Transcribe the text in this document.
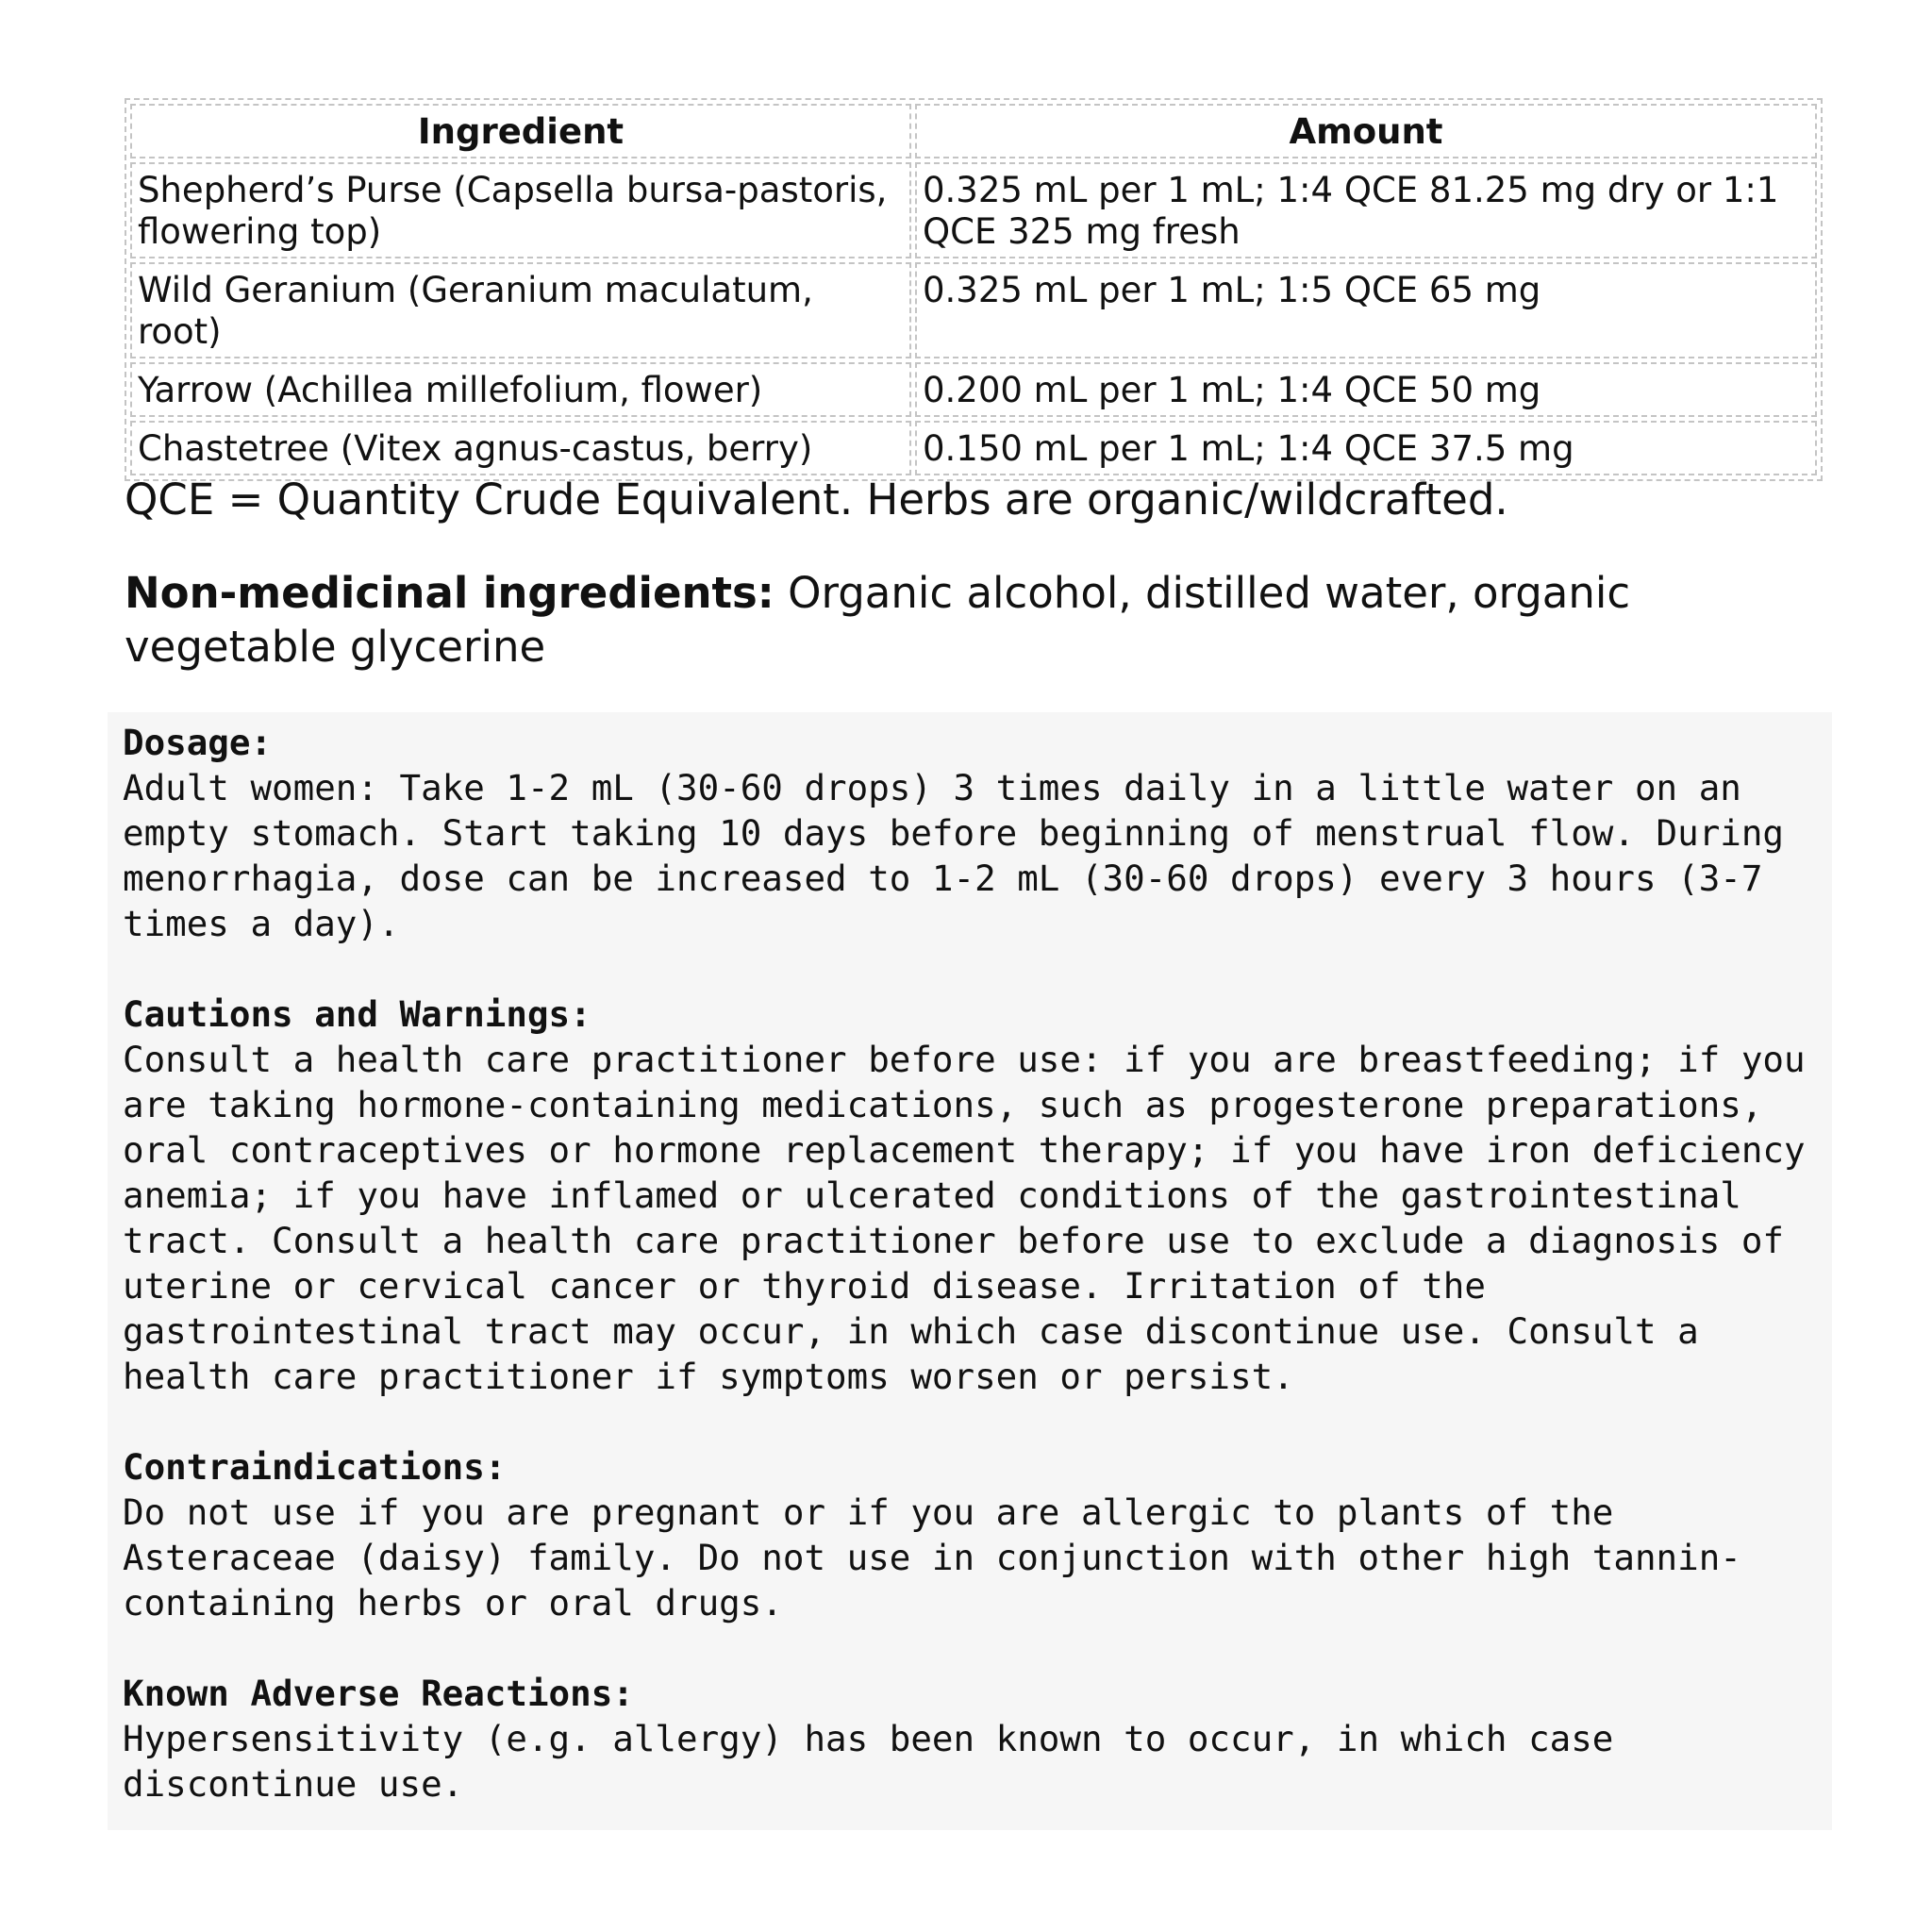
Ingredient	Amount
Shepherd’s Purse (Capsella bursa-pastoris, flowering top)	0.325 mL per 1 mL; 1:4 QCE 81.25 mg dry or 1:1 QCE 325 mg fresh
Wild Geranium (Geranium maculatum, root)	0.325 mL per 1 mL; 1:5 QCE 65 mg
Yarrow (Achillea millefolium, flower)	0.200 mL per 1 mL; 1:4 QCE 50 mg
Chastetree (Vitex agnus-castus, berry)	0.150 mL per 1 mL; 1:4 QCE 37.5 mg

QCE = Quantity Crude Equivalent. Herbs are organic/wildcrafted.

Non-medicinal ingredients: Organic alcohol, distilled water, organic vegetable glycerine

Dosage:
Adult women: Take 1-2 mL (30-60 drops) 3 times daily in a little water on an empty stomach. Start taking 10 days before beginning of menstrual flow. During menorrhagia, dose can be increased to 1-2 mL (30-60 drops) every 3 hours (3-7 times a day).
Cautions and Warnings:
Consult a health care practitioner before use: if you are breastfeeding; if you are taking hormone-containing medications, such as progesterone preparations, oral contraceptives or hormone replacement therapy; if you have iron deficiency anemia; if you have inflamed or ulcerated conditions of the gastrointestinal tract. Consult a health care practitioner before use to exclude a diagnosis of uterine or cervical cancer or thyroid disease. Irritation of the gastrointestinal tract may occur, in which case discontinue use. Consult a health care practitioner if symptoms worsen or persist.
Contraindications:
Do not use if you are pregnant or if you are allergic to plants of the Asteraceae (daisy) family. Do not use in conjunction with other high tannin-containing herbs or oral drugs.
Known Adverse Reactions:
Hypersensitivity (e.g. allergy) has been known to occur, in which case discontinue use.
